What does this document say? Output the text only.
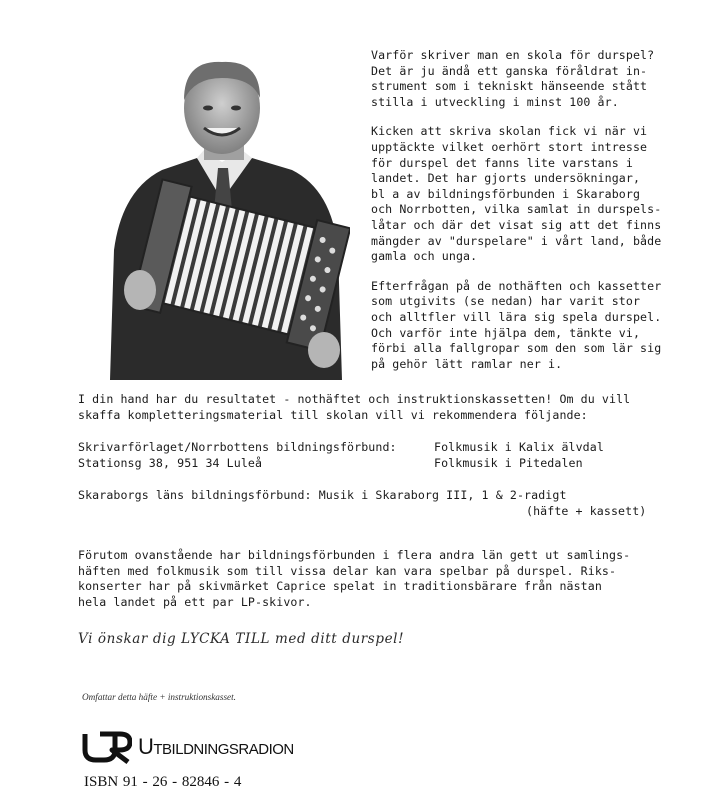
Varför skriver man en skola för durspel?
Det är ju ändå ett ganska föråldrat in-
strument som i tekniskt hänseende stått
stilla i utveckling i minst 100 år.

Kicken att skriva skolan fick vi när vi
upptäckte vilket oerhört stort intresse
för durspel det fanns lite varstans i
landet. Det har gjorts undersökningar,
bl a av bildningsförbunden i Skaraborg
och Norrbotten, vilka samlat in durspels-
låtar och där det visat sig att det finns
mängder av "durspelare" i vårt land, både
gamla och unga.

Efterfrågan på de nothäften och kassetter
som utgivits (se nedan) har varit stor
och alltfler vill lära sig spela durspel.
Och varför inte hjälpa dem, tänkte vi,
förbi alla fallgropar som den som lär sig
på gehör lätt ramlar ner i.

I din hand har du resultatet - nothäftet och instruktionskassetten! Om du vill
skaffa kompletteringsmaterial till skolan vill vi rekommendera följande:

Skrivarförlaget/Norrbottens bildningsförbund:	Folkmusik i Kalix älvdal
Stationsg 38, 951 34 Luleå	Folkmusik i Pitedalen
Skaraborgs läns bildningsförbund: Musik i Skaraborg III, 1 & 2-radigt
(häfte + kassett)

Förutom ovanstående har bildningsförbunden i flera andra län gett ut samlings-
häften med folkmusik som till vissa delar kan vara spelbar på durspel. Riks-
konserter har på skivmärket Caprice spelat in traditionsbärare från nästan
hela landet på ett par LP-skivor.

Vi önskar dig LYCKA TILL med ditt durspel!
Omfattar detta häfte + instruktionskasset.
Utbildningsradion
ISBN 91 - 26 - 82846 - 4
